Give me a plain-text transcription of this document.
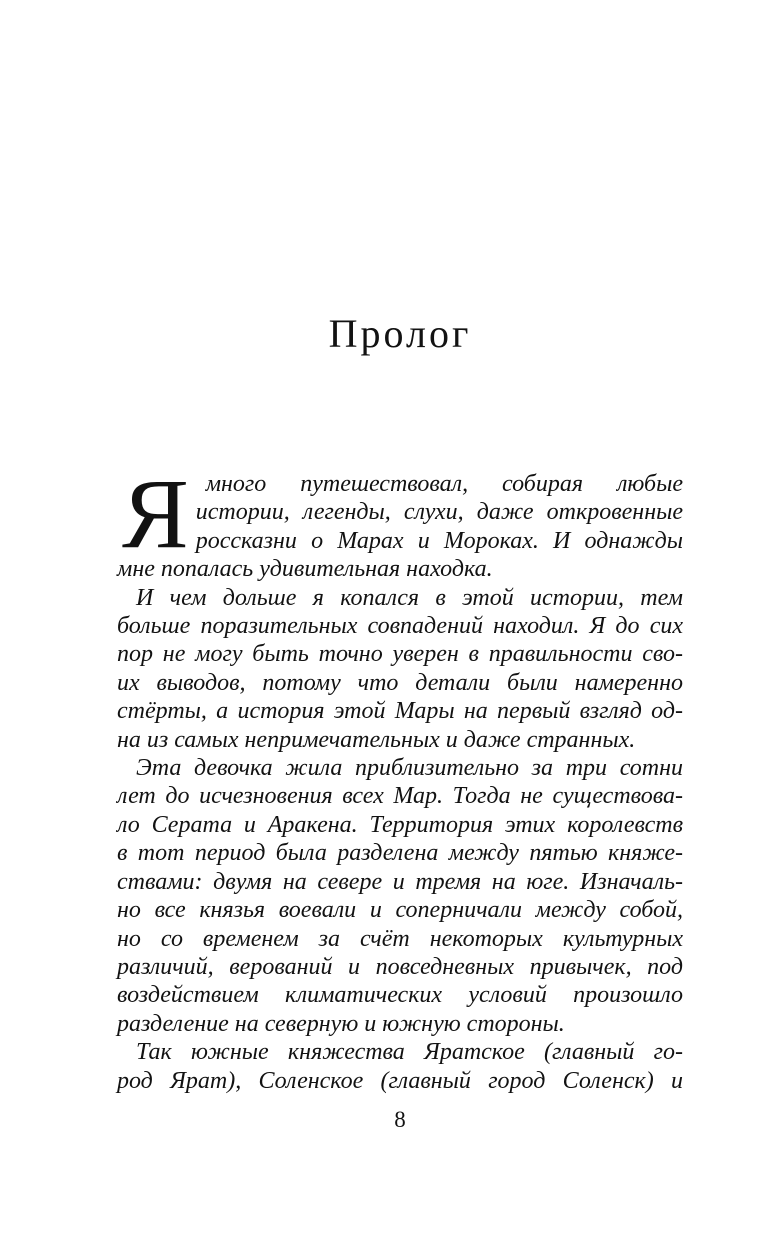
Пролог
Я много путешествовал, собирая любые
истории, легенды, слухи, даже откровенные
россказни о Марах и Мороках. И однажды
мне попалась удивительная находка.
И чем дольше я копался в этой истории, тем
больше поразительных совпадений находил. Я до сих
пор не могу быть точно уверен в правильности сво-
их выводов, потому что детали были намеренно
стёрты, а история этой Мары на первый взгляд од-
на из самых непримечательных и даже странных.
Эта девочка жила приблизительно за три сотни
лет до исчезновения всех Мар. Тогда не существова-
ло Серата и Аракена. Территория этих королевств
в тот период была разделена между пятью княже-
ствами: двумя на севере и тремя на юге. Изначаль-
но все князья воевали и соперничали между собой,
но со временем за счёт некоторых культурных
различий, верований и повседневных привычек, под
воздействием климатических условий произошло
разделение на северную и южную стороны.
Так южные княжества Яратское (главный го-
род Ярат), Соленское (главный город Соленск) и
8
